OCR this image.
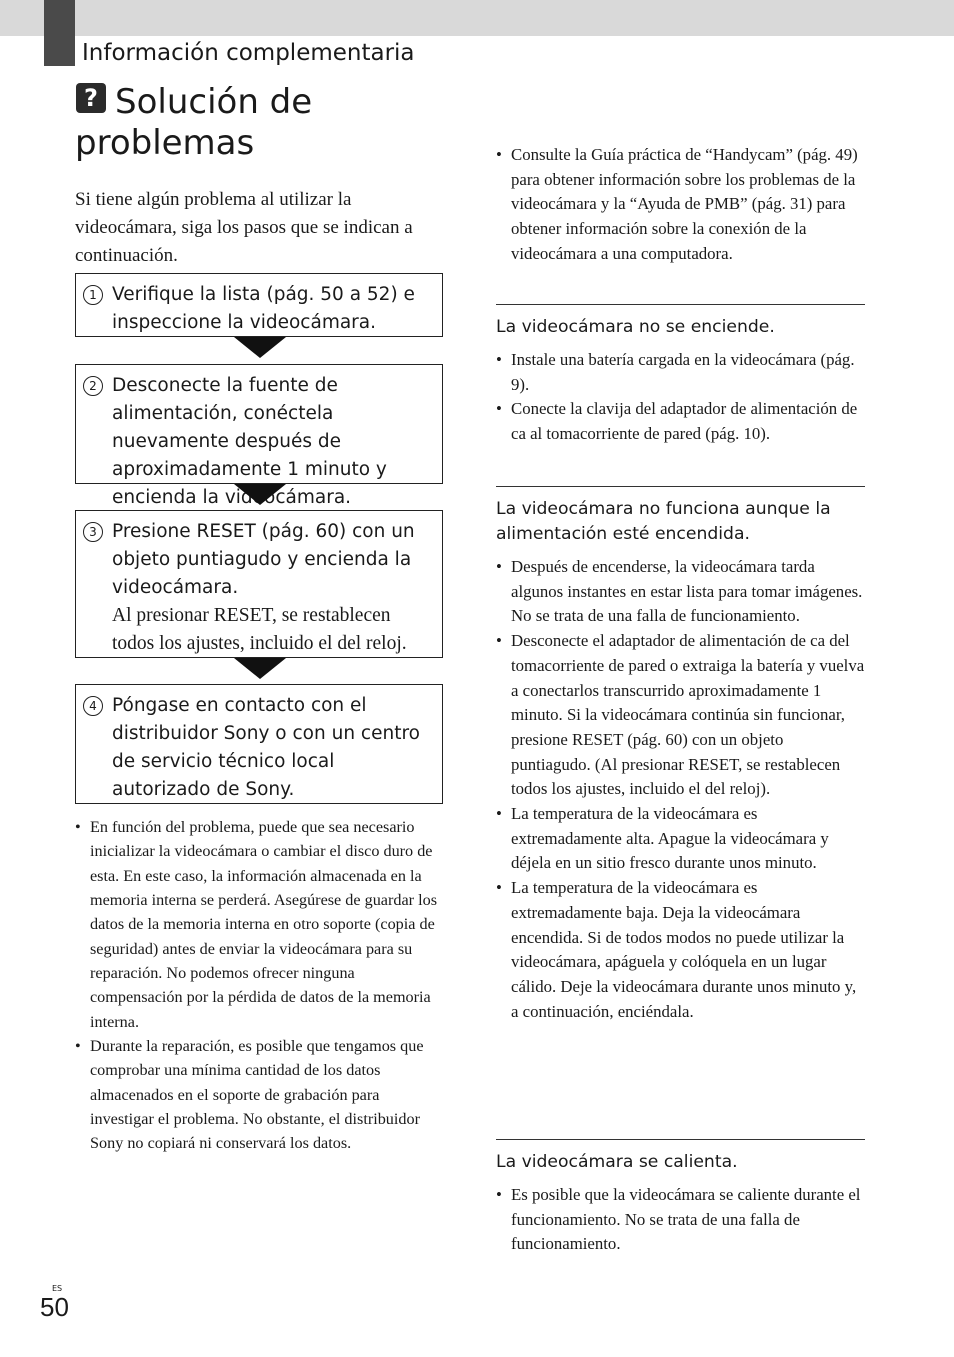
Información complementaria
? Solución de problemas

Si tiene algún problema al utilizar la videocámara, siga los pasos que se indican a continuación.

1 Verifique la lista (pág. 50 a 52) e inspeccione la videocámara.
2 Desconecte la fuente de alimentación, conéctela nuevamente después de aproximadamente 1 minuto y encienda la videocámara.
3 Presione RESET (pág. 60) con un objeto puntiagudo y encienda la videocámara.
Al presionar RESET, se restablecen todos los ajustes, incluido el del reloj.
4 Póngase en contacto con el distribuidor Sony o con un centro de servicio técnico local autorizado de Sony.
• En función del problema, puede que sea necesario inicializar la videocámara o cambiar el disco duro de esta. En este caso, la información almacenada en la memoria interna se perderá. Asegúrese de guardar los datos de la memoria interna en otro soporte (copia de seguridad) antes de enviar la videocámara para su reparación. No podemos ofrecer ninguna compensación por la pérdida de datos de la memoria interna.
• Durante la reparación, es posible que tengamos que comprobar una mínima cantidad de los datos almacenados en el soporte de grabación para investigar el problema. No obstante, el distribuidor Sony no copiará ni conservará los datos.
• Consulte la Guía práctica de “Handycam” (pág. 49) para obtener información sobre los problemas de la videocámara y la “Ayuda de PMB” (pág. 31) para obtener información sobre la conexión de la videocámara a una computadora.
La videocámara no se enciende.
• Instale una batería cargada en la videocámara (pág. 9).
• Conecte la clavija del adaptador de alimentación de ca al tomacorriente de pared (pág. 10).
La videocámara no funciona aunque la alimentación esté encendida.
• Después de encenderse, la videocámara tarda algunos instantes en estar lista para tomar imágenes. No se trata de una falla de funcionamiento.
• Desconecte el adaptador de alimentación de ca del tomacorriente de pared o extraiga la batería y vuelva a conectarlos transcurrido aproximadamente 1 minuto. Si la videocámara continúa sin funcionar, presione RESET (pág. 60) con un objeto puntiagudo. (Al presionar RESET, se restablecen todos los ajustes, incluido el del reloj).
• La temperatura de la videocámara es extremadamente alta. Apague la videocámara y déjela en un sitio fresco durante unos minuto.
• La temperatura de la videocámara es extremadamente baja. Deja la videocámara encendida. Si de todos modos no puede utilizar la videocámara, apáguela y colóquela en un lugar cálido. Deje la videocámara durante unos minuto y, a continuación, enciéndala.
La videocámara se calienta.
• Es posible que la videocámara se caliente durante el funcionamiento. No se trata de una falla de funcionamiento.
ES
50
